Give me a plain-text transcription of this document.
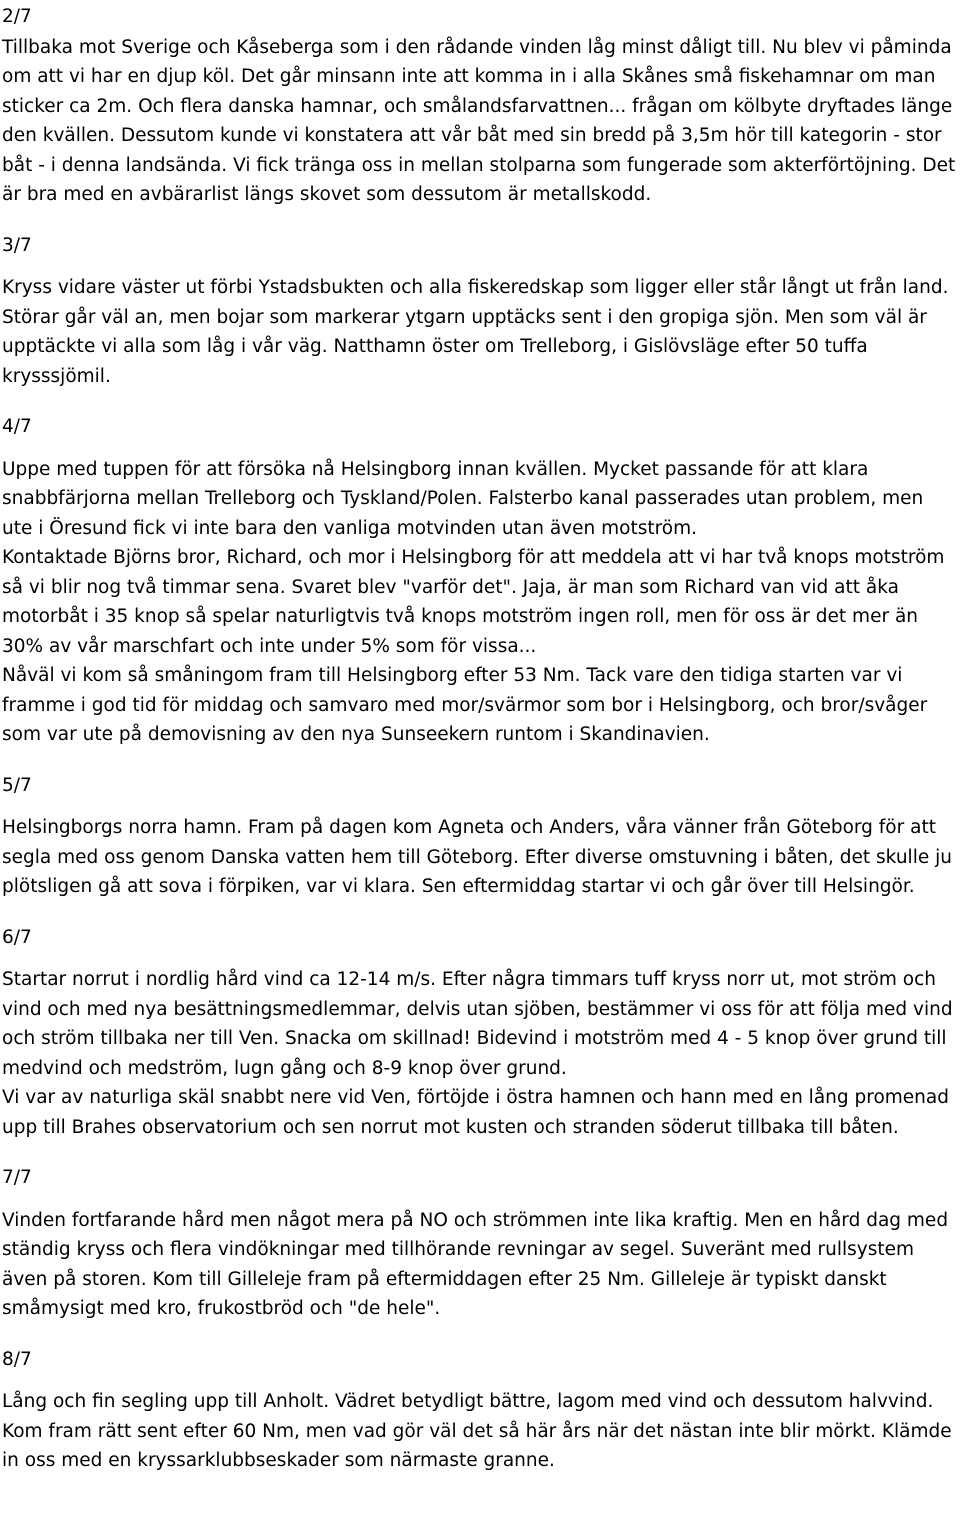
2/7

Tillbaka mot Sverige och Kåseberga som i den rådande vinden låg minst dåligt till. Nu blev vi påminda om att vi har en djup köl. Det går minsann inte att komma in i alla Skånes små fiskehamnar om man sticker ca 2m. Och flera danska hamnar, och smålandsfarvattnen... frågan om kölbyte dryftades länge den kvällen. Dessutom kunde vi konstatera att vår båt med sin bredd på 3,5m hör till kategorin - stor båt - i denna landsända. Vi fick tränga oss in mellan stolparna som fungerade som akterförtöjning. Det är bra med en avbärarlist längs skovet som dessutom är metallskodd.

3/7

Kryss vidare väster ut förbi Ystadsbukten och alla fiskeredskap som ligger eller står långt ut från land. Störar går väl an, men bojar som markerar ytgarn upptäcks sent i den gropiga sjön. Men som väl är upptäckte vi alla som låg i vår väg. Natthamn öster om Trelleborg, i Gislövsläge efter 50 tuffa krysssjömil.

4/7

Uppe med tuppen för att försöka nå Helsingborg innan kvällen. Mycket passande för att klara snabbfärjorna mellan Trelleborg och Tyskland/Polen. Falsterbo kanal passerades utan problem, men ute i Öresund fick vi inte bara den vanliga motvinden utan även motström.

Kontaktade Björns bror, Richard, och mor i Helsingborg för att meddela att vi har två knops motström så vi blir nog två timmar sena. Svaret blev "varför det". Jaja, är man som Richard van vid att åka motorbåt i 35 knop så spelar naturligtvis två knops motström ingen roll, men för oss är det mer än 30% av vår marschfart och inte under 5% som för vissa...

Nåväl vi kom så småningom fram till Helsingborg efter 53 Nm. Tack vare den tidiga starten var vi framme i god tid för middag och samvaro med mor/svärmor som bor i Helsingborg, och bror/svåger som var ute på demovisning av den nya Sunseekern runtom i Skandinavien.

5/7

Helsingborgs norra hamn. Fram på dagen kom Agneta och Anders, våra vänner från Göteborg för att segla med oss genom Danska vatten hem till Göteborg. Efter diverse omstuvning i båten, det skulle ju plötsligen gå att sova i förpiken, var vi klara. Sen eftermiddag startar vi och går över till Helsingör.

6/7

Startar norrut i nordlig hård vind ca 12-14 m/s. Efter några timmars tuff kryss norr ut, mot ström och vind och med nya besättningsmedlemmar, delvis utan sjöben, bestämmer vi oss för att följa med vind och ström tillbaka ner till Ven. Snacka om skillnad! Bidevind i motström med 4 - 5 knop över grund till medvind och medström, lugn gång och 8-9 knop över grund.

Vi var av naturliga skäl snabbt nere vid Ven, förtöjde i östra hamnen och hann med en lång promenad upp till Brahes observatorium och sen norrut mot kusten och stranden söderut tillbaka till båten.

7/7

Vinden fortfarande hård men något mera på NO och strömmen inte lika kraftig. Men en hård dag med ständig kryss och flera vindökningar med tillhörande revningar av segel. Suveränt med rullsystem även på storen. Kom till Gilleleje fram på eftermiddagen efter 25 Nm. Gilleleje är typiskt danskt småmysigt med kro, frukostbröd och "de hele".

8/7

Lång och fin segling upp till Anholt. Vädret betydligt bättre, lagom med vind och dessutom halvvind. Kom fram rätt sent efter 60 Nm, men vad gör väl det så här års när det nästan inte blir mörkt. Klämde in oss med en kryssarklubbseskader som närmaste granne.
